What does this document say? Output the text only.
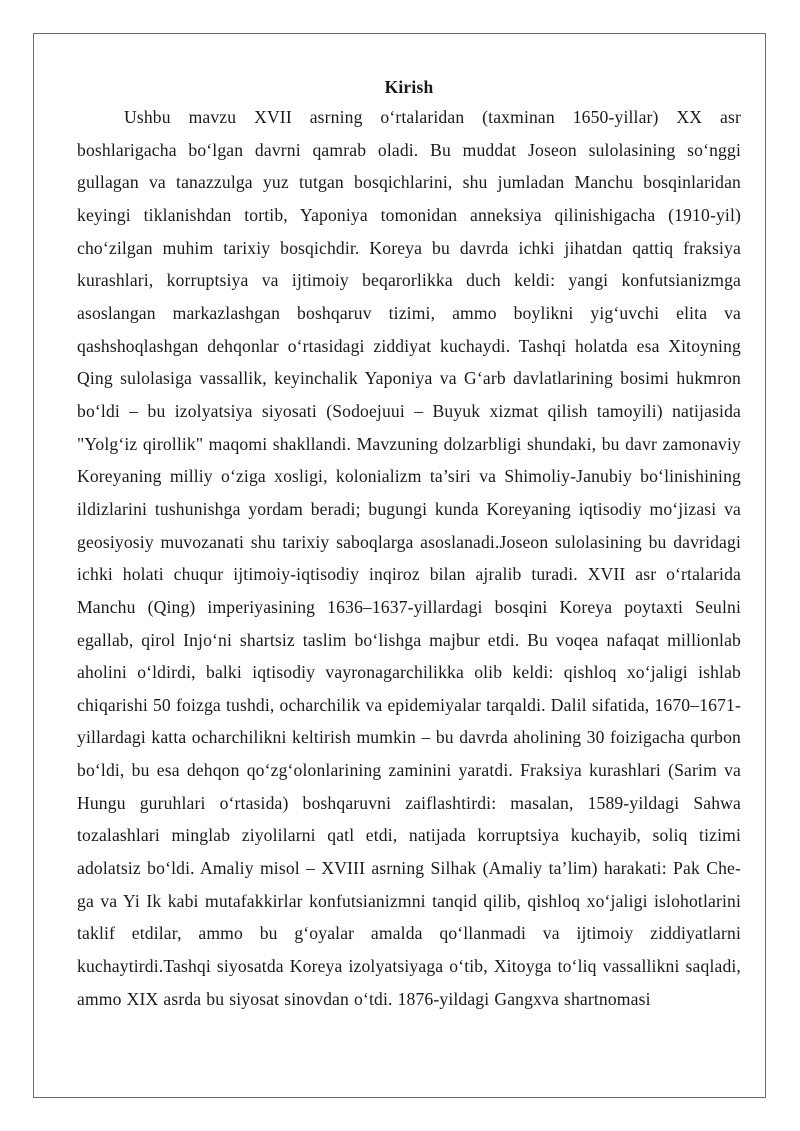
Kirish

Ushbu mavzu XVII asrning o‘rtalaridan (taxminan 1650-yillar) XX asr boshlarigacha bo‘lgan davrni qamrab oladi. Bu muddat Joseon sulolasining so‘nggi gullagan va tanazzulga yuz tutgan bosqichlarini, shu jumladan Manchu bosqinlaridan keyingi tiklanishdan tortib, Yaponiya tomonidan anneksiya qilinishigacha (1910-yil) cho‘zilgan muhim tarixiy bosqichdir. Koreya bu davrda ichki jihatdan qattiq fraksiya kurashlari, korruptsiya va ijtimoiy beqarorlikka duch keldi: yangi konfutsianizmga asoslangan markazlashgan boshqaruv tizimi, ammo boylikni yig‘uvchi elita va qashshoqlashgan dehqonlar o‘rtasidagi ziddiyat kuchaydi. Tashqi holatda esa Xitoyning Qing sulolasiga vassallik, keyinchalik Yaponiya va G‘arb davlatlarining bosimi hukmron bo‘ldi – bu izolyatsiya siyosati (Sodoejuui – Buyuk xizmat qilish tamoyili) natijasida "Yolg‘iz qirollik" maqomi shakllandi. Mavzuning dolzarbligi shundaki, bu davr zamonaviy Koreyaning milliy o‘ziga xosligi, kolonializm ta’siri va Shimoliy-Janubiy bo‘linishining ildizlarini tushunishga yordam beradi; bugungi kunda Koreyaning iqtisodiy mo‘jizasi va geosiyosiy muvozanati shu tarixiy saboqlarga asoslanadi.Joseon sulolasining bu davridagi ichki holati chuqur ijtimoiy-iqtisodiy inqiroz bilan ajralib turadi. XVII asr o‘rtalarida Manchu (Qing) imperiyasining 1636–1637-yillardagi bosqini Koreya poytaxti Seulni egallab, qirol Injo‘ni shartsiz taslim bo‘lishga majbur etdi. Bu voqea nafaqat millionlab aholini o‘ldirdi, balki iqtisodiy vayronagarchilikka olib keldi: qishloq xo‘jaligi ishlab chiqarishi 50 foizga tushdi, ocharchilik va epidemiyalar tarqaldi. Dalil sifatida, 1670–1671-yillardagi katta ocharchilikni keltirish mumkin – bu davrda aholining 30 foizigacha qurbon bo‘ldi, bu esa dehqon qo‘zg‘olonlarining zaminini yaratdi. Fraksiya kurashlari (Sarim va Hungu guruhlari o‘rtasida) boshqaruvni zaiflashtirdi: masalan, 1589-yildagi Sahwa tozalashlari minglab ziyolilarni qatl etdi, natijada korruptsiya kuchayib, soliq tizimi adolatsiz bo‘ldi. Amaliy misol – XVIII asrning Silhak (Amaliy ta’lim) harakati: Pak Che-ga va Yi Ik kabi mutafakkirlar konfutsianizmni tanqid qilib, qishloq xo‘jaligi islohotlarini taklif etdilar, ammo bu g‘oyalar amalda qo‘llanmadi va ijtimoiy ziddiyatlarni kuchaytirdi.Tashqi siyosatda Koreya izolyatsiyaga o‘tib, Xitoyga to‘liq vassallikni saqladi, ammo XIX asrda bu siyosat sinovdan o‘tdi. 1876-yildagi Gangxva shartnomasi
